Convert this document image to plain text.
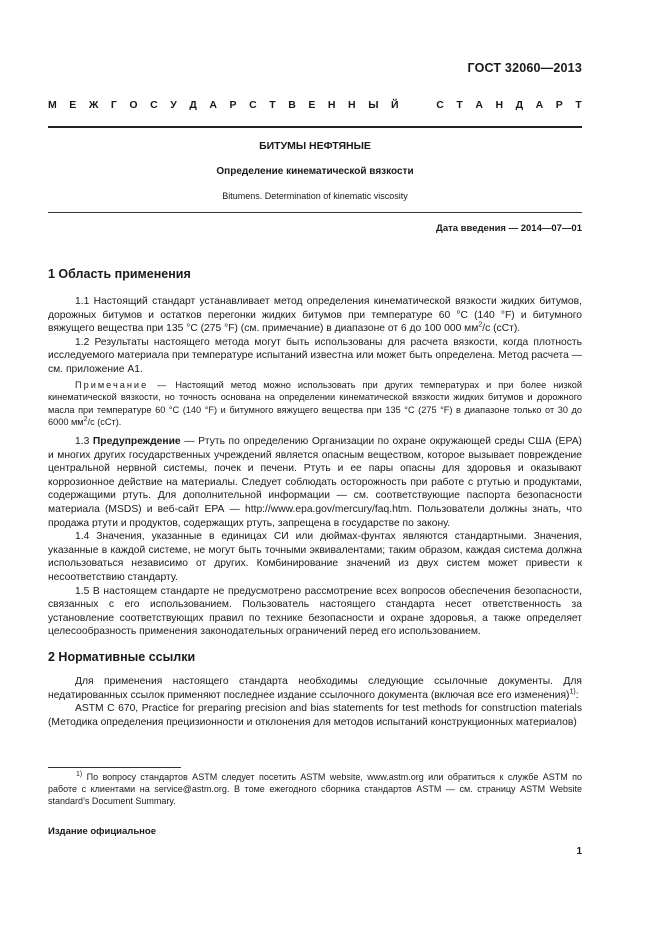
ГОСТ 32060—2013
М Е Ж Г О С У Д А Р С Т В Е Н Н Ы Й	С Т А Н Д А Р Т
БИТУМЫ НЕФТЯНЫЕ
Определение кинематической вязкости
Bitumens. Determination of kinematic viscosity
Дата введения — 2014—07—01

1 Область применения

1.1 Настоящий стандарт устанавливает метод определения кинематической вязкости жидких битумов, дорожных битумов и остатков перегонки жидких битумов при температуре 60 °С (140 °F) и битумного вяжущего вещества при 135 °С (275 °F) (см. примечание) в диапазоне от 6 до 100 000 $мм^2/с$ (сСт).

1.2 Результаты настоящего метода могут быть использованы для расчета вязкости, когда плотность исследуемого материала при температуре испытаний известна или может быть определена. Метод расчета — см. приложение А1.

Примечание — Настоящий метод можно использовать при других температурах и при более низкой кинематической вязкости, но точность основана на определении кинематической вязкости жидких битумов и дорожного масла при температуре 60 °С (140 °F) и битумного вяжущего вещества при 135 °С (275 °F) в диапазоне только от 30 до 6000 $мм^2/с$ (сСт).

1.3 Предупреждение — Ртуть по определению Организации по охране окружающей среды США (ЕРА) и многих других государственных учреждений является опасным веществом, которое вызывает повреждение центральной нервной системы, почек и печени. Ртуть и ее пары опасны для здоровья и оказывают коррозионное действие на материалы. Следует соблюдать осторожность при работе с ртутью и продуктами, содержащими ртуть. Для дополнительной информации — см. соответствующие паспорта безопасности материала (MSDS) и веб-сайт ЕРА — http://www.epa.gov/mercury/faq.htm. Пользователи должны знать, что продажа ртути и продуктов, содержащих ртуть, запрещена в государстве по закону.

1.4 Значения, указанные в единицах СИ или дюймах-фунтах являются стандартными. Значения, указанные в каждой системе, не могут быть точными эквивалентами; таким образом, каждая система должна использоваться независимо от других. Комбинирование значений из двух систем может привести к несоответствию стандарту.

1.5 В настоящем стандарте не предусмотрено рассмотрение всех вопросов обеспечения безопасности, связанных с его использованием. Пользователь настоящего стандарта несет ответственность за установление соответствующих правил по технике безопасности и охране здоровья, а также определяет целесообразность применения законодательных ограничений перед его использованием.

2 Нормативные ссылки

Для применения настоящего стандарта необходимы следующие ссылочные документы. Для недатированных ссылок применяют последнее издание ссылочного документа (включая все его изменения)$^{1)}$:

ASTM C 670, Practice for preparing precision and bias statements for test methods for construction materials (Методика определения прецизионности и отклонения для методов испытаний конструкционных материалов)

$^{1)}$ По вопросу стандартов ASTM следует посетить ASTM website, www.astm.org или обратиться к службе ASTM по работе с клиентами на service@astm.org. В томе ежегодного сборника стандартов ASTM — см. страницу ASTM Website standard’s Document Summary.
Издание официальное
1
